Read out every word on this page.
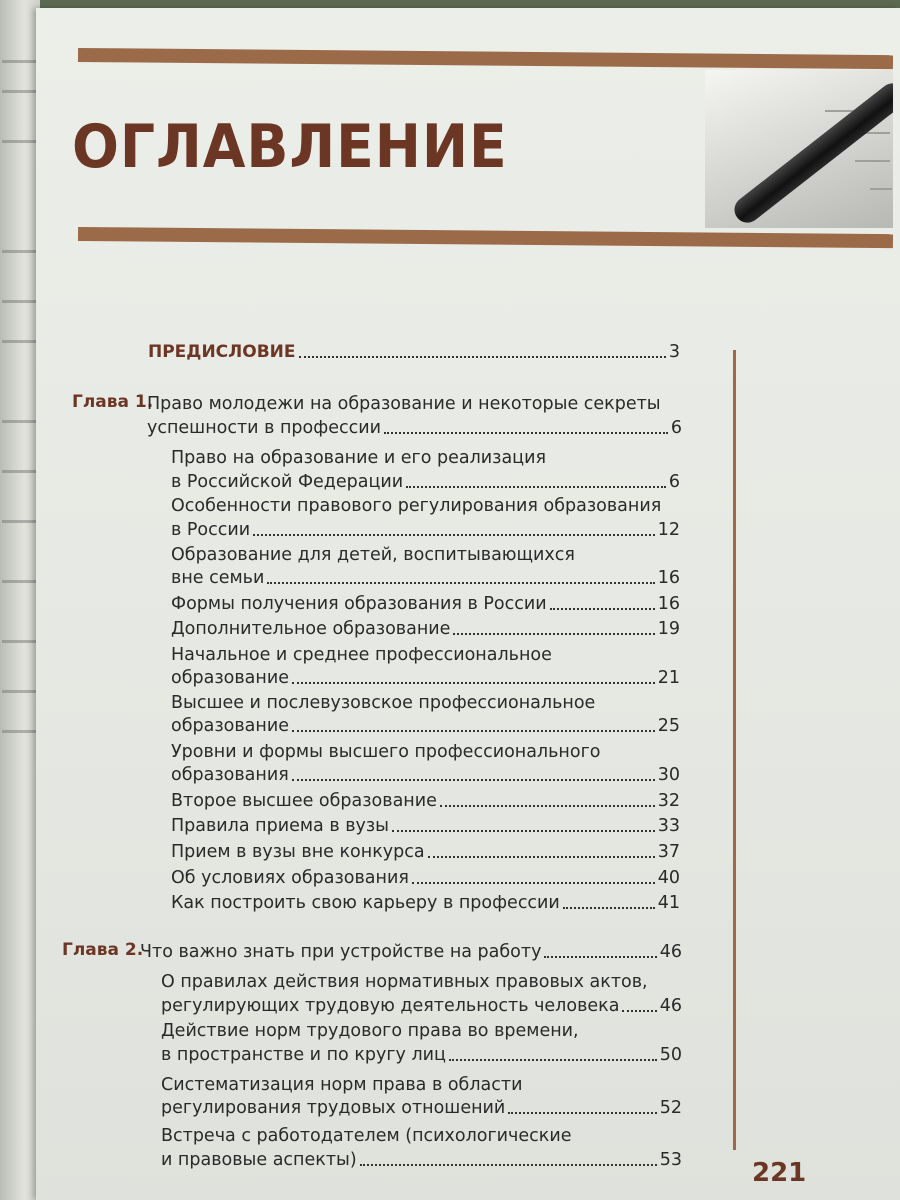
ОГЛАВЛЕНИЕ
ПРЕДИСЛОВИЕ	3
Глава 1.
Право молодежи на образование и некоторые секреты
успешности в профессии	6
Право на образование и его реализация
в Российской Федерации	6
Особенности правового регулирования образования
в России	12
Образование для детей, воспитывающихся
вне семьи	16
Формы получения образования в России	16
Дополнительное образование	19
Начальное и среднее профессиональное
образование	21
Высшее и послевузовское профессиональное
образование	25
Уровни и формы высшего профессионального
образования	30
Второе высшее образование	32
Правила приема в вузы	33
Прием в вузы вне конкурса	37
Об условиях образования	40
Как построить свою карьеру в профессии	41
Глава 2.
Что важно знать при устройстве на работу	46
О правилах действия нормативных правовых актов,
регулирующих трудовую деятельность человека 46
Действие норм трудового права во времени,
в пространстве и по кругу лиц	50
Систематизация норм права в области
регулирования трудовых отношений	52
Встреча с работодателем (психологические
и правовые аспекты)	53	221
